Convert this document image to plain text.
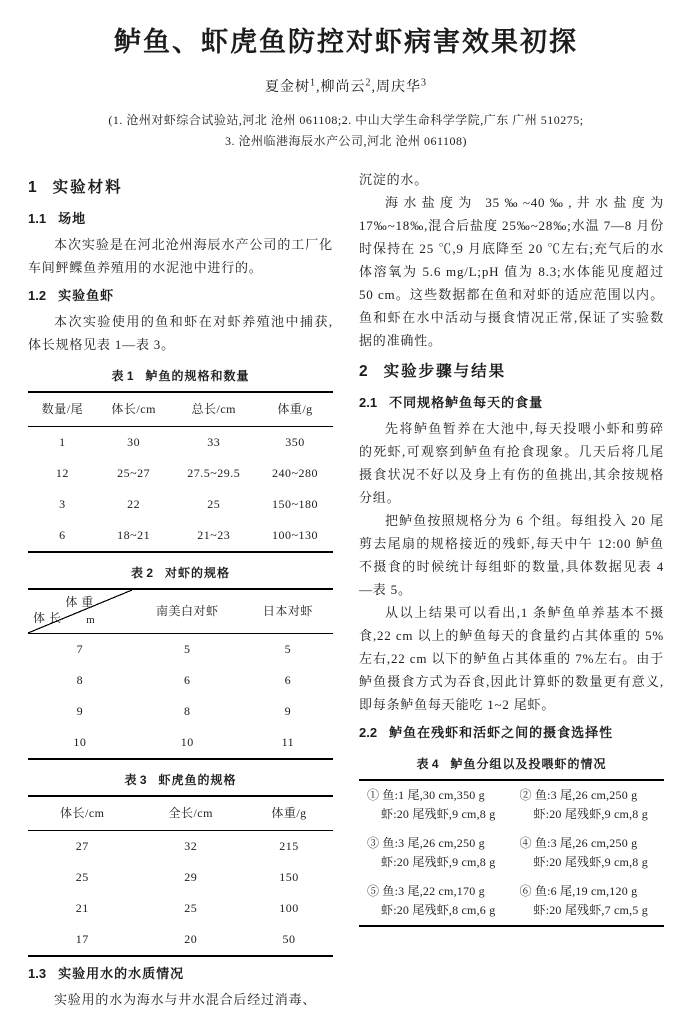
鲈鱼、虾虎鱼防控对虾病害效果初探
夏金树$^1$,柳尚云$^2$,周庆华$^3$
(1. 沧州对虾综合试验站,河北 沧州 061108;2. 中山大学生命科学学院,广东 广州 510275;
3. 沧州临港海辰水产公司,河北 沧州 061108)
1 实验材料
1.1 场地

本次实验是在河北沧州海辰水产公司的工厂化车间鲆鲽鱼养殖用的水泥池中进行的。

1.2 实验鱼虾

本次实验使用的鱼和虾在对虾养殖池中捕获,体长规格见表 1—表 3。

表 1 鲈鱼的规格和数量
数量/尾	体长/cm	总长/cm	体重/g
1	30	33	350
12	25~27	27.5~29.5	240~280
3	22	25	150~180
6	18~21	21~23	100~130
表 2 对虾的规格
体 重
体 长 m	南美白对虾	日本对虾
7	5	5
8	6	6
9	8	9
10	10	11
表 3 虾虎鱼的规格
体长/cm	全长/cm	体重/g
27	32	215
25	29	150
21	25	100
17	20	50
1.3 实验用水的水质情况

实验用的水为海水与井水混合后经过消毒、

沉淀的水。

海水盐度为 35‰~40‰,井水盐度为 17‰~18‰,混合后盐度 25‰~28‰;水温 7—8 月份时保持在 25 ℃,9 月底降至 20 ℃左右;充气后的水体溶氧为 5.6 mg/L;pH 值为 8.3;水体能见度超过 50 cm。这些数据都在鱼和对虾的适应范围以内。鱼和虾在水中活动与摄食情况正常,保证了实验数据的准确性。

2 实验步骤与结果
2.1 不同规格鲈鱼每天的食量

先将鲈鱼暂养在大池中,每天投喂小虾和剪碎的死虾,可观察到鲈鱼有抢食现象。几天后将几尾摄食状况不好以及身上有伤的鱼挑出,其余按规格分组。

把鲈鱼按照规格分为 6 个组。每组投入 20 尾剪去尾扇的规格接近的残虾,每天中午 12:00 鲈鱼不摄食的时候统计每组虾的数量,具体数据见表 4—表 5。

从以上结果可以看出,1 条鲈鱼单养基本不摄食,22 cm 以上的鲈鱼每天的食量约占其体重的 5%左右,22 cm 以下的鲈鱼占其体重的 7%左右。由于鲈鱼摄食方式为吞食,因此计算虾的数量更有意义,即每条鲈鱼每天能吃 1~2 尾虾。

2.2 鲈鱼在残虾和活虾之间的摄食选择性
表 4 鲈鱼分组以及投喂虾的情况
① 鱼:1 尾,30 cm,350 g
虾:20 尾残虾,9 cm,8 g

② 鱼:3 尾,26 cm,250 g
虾:20 尾残虾,9 cm,8 g

③ 鱼:3 尾,26 cm,250 g
虾:20 尾残虾,9 cm,8 g

④ 鱼:3 尾,26 cm,250 g
虾:20 尾残虾,9 cm,8 g

⑤ 鱼:3 尾,22 cm,170 g
虾:20 尾残虾,8 cm,6 g

⑥ 鱼:6 尾,19 cm,120 g
虾:20 尾残虾,7 cm,5 g
